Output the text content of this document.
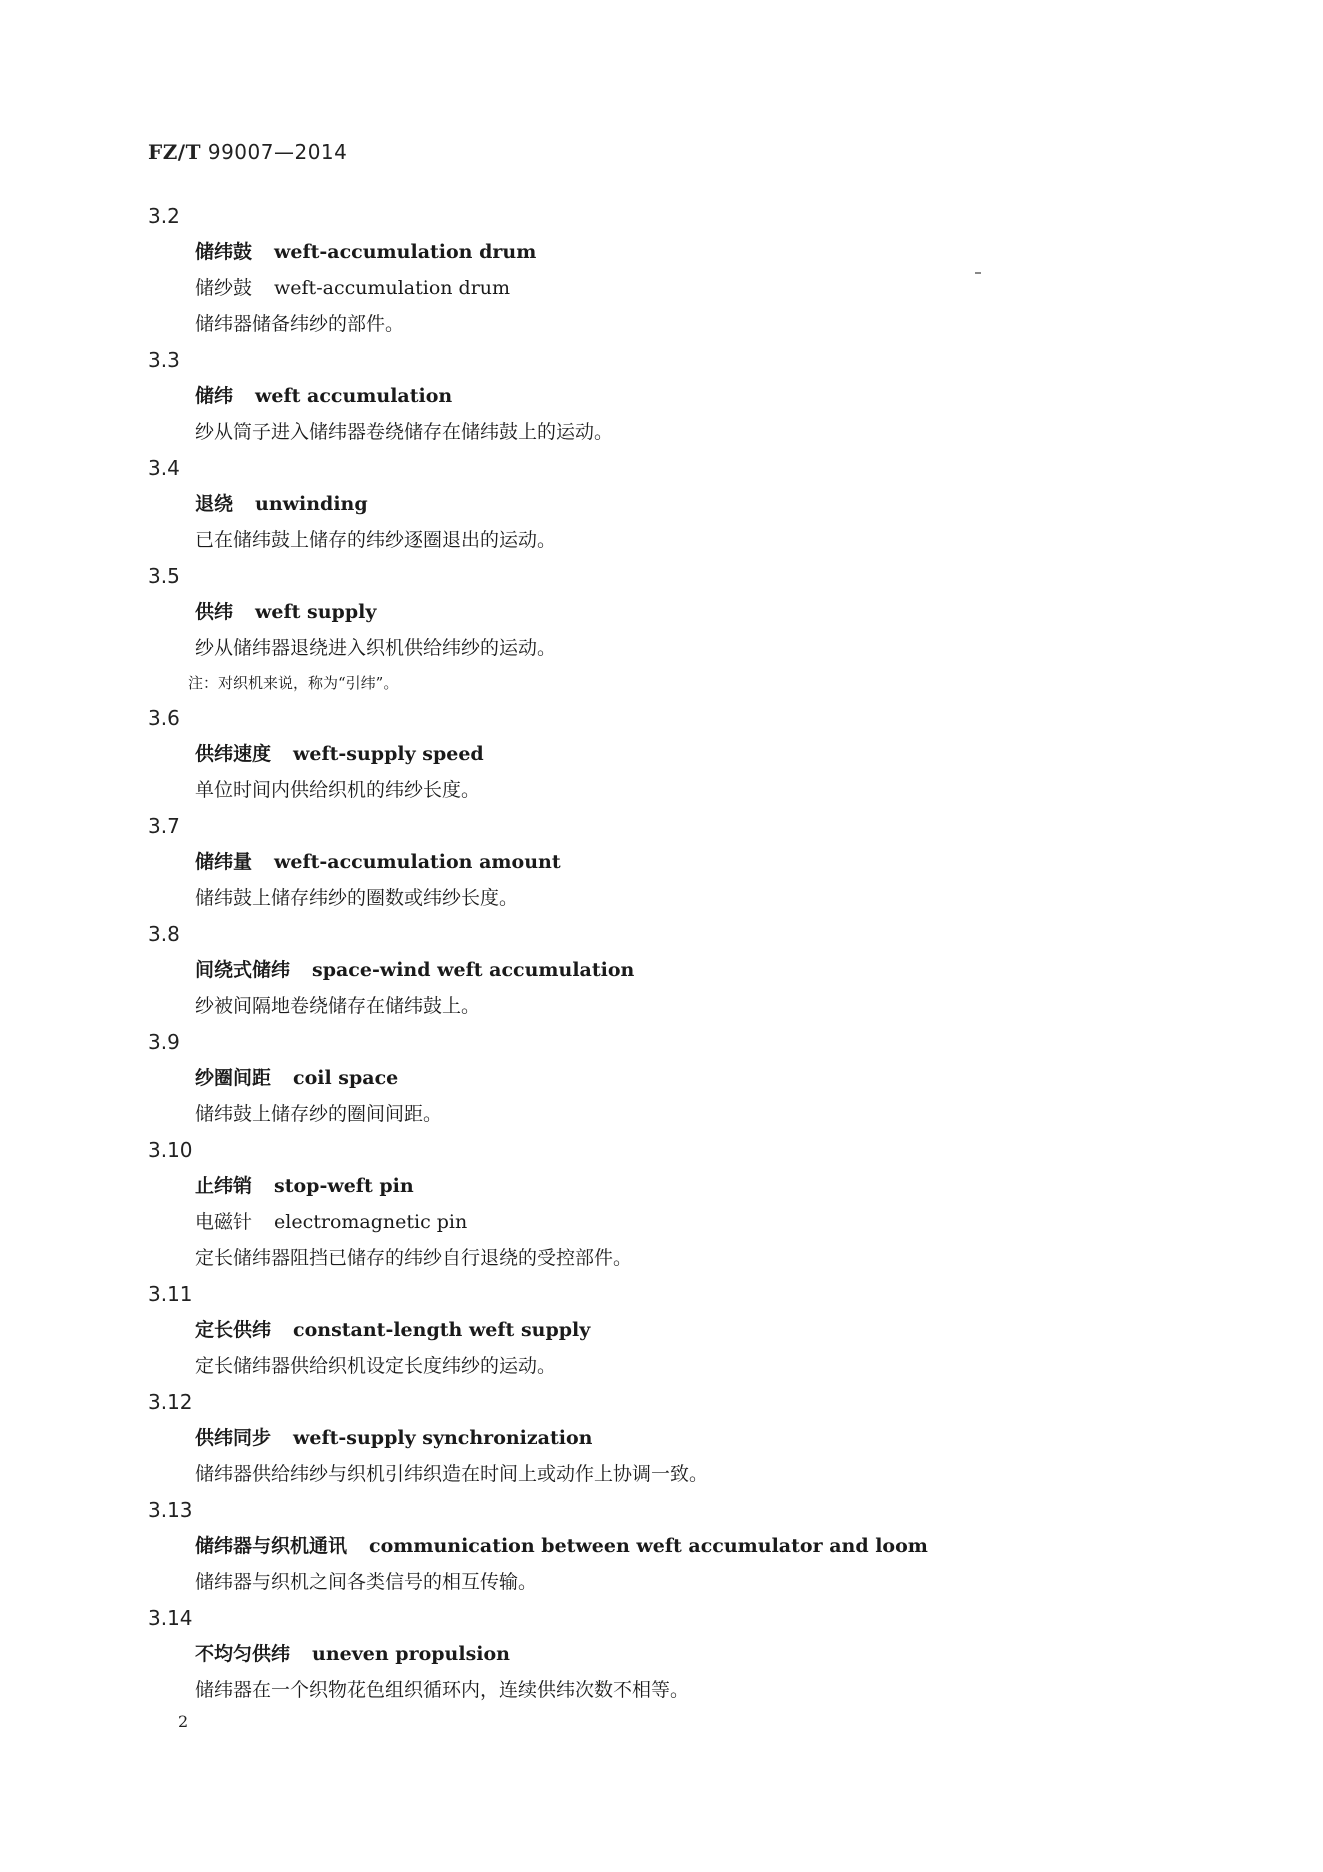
FZ/T 99007—2014
3.2
储纬鼓 weft-accumulation drum
储纱鼓 weft-accumulation drum
储纬器储备纬纱的部件。
3.3
储纬 weft accumulation
纱从筒子进入储纬器卷绕储存在储纬鼓上的运动。
3.4
退绕 unwinding
已在储纬鼓上储存的纬纱逐圈退出的运动。
3.5
供纬 weft supply
纱从储纬器退绕进入织机供给纬纱的运动。
注：对织机来说，称为“引纬”。
3.6
供纬速度 weft-supply speed
单位时间内供给织机的纬纱长度。
3.7
储纬量 weft-accumulation amount
储纬鼓上储存纬纱的圈数或纬纱长度。
3.8
间绕式储纬 space-wind weft accumulation
纱被间隔地卷绕储存在储纬鼓上。
3.9
纱圈间距 coil space
储纬鼓上储存纱的圈间间距。
3.10
止纬销 stop-weft pin
电磁针 electromagnetic pin
定长储纬器阻挡已储存的纬纱自行退绕的受控部件。
3.11
定长供纬 constant-length weft supply
定长储纬器供给织机设定长度纬纱的运动。
3.12
供纬同步 weft-supply synchronization
储纬器供给纬纱与织机引纬织造在时间上或动作上协调一致。
3.13
储纬器与织机通讯 communication between weft accumulator and loom
储纬器与织机之间各类信号的相互传输。
3.14
不均匀供纬 uneven propulsion
储纬器在一个织物花色组织循环内，连续供纬次数不相等。
2
